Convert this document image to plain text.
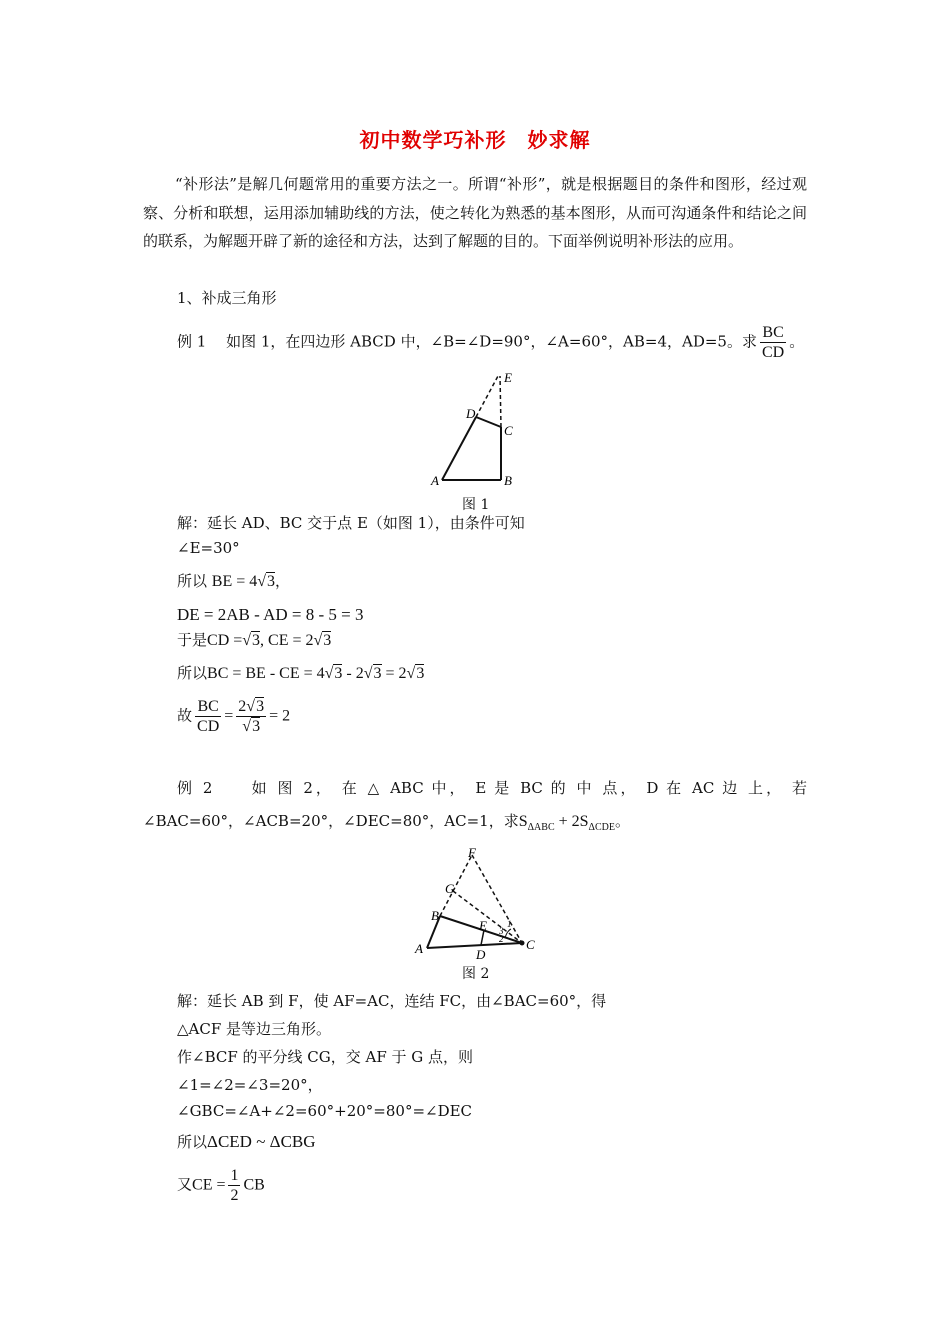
初中数学巧补形　妙求解
“补形法”是解几何题常用的重要方法之一。所谓“补形”，就是根据题目的条件和图形，经过观察、分析和联想，运用添加辅助线的方法，使之转化为熟悉的基本图形，从而可沟通条件和结论之间的联系，为解题开辟了新的途径和方法，达到了解题的目的。下面举例说明补形法的应用。
1、补成三角形
例 1　 如图 1，在四边形 ABCD 中，∠B=∠D=90°，∠A=60°，AB=4，AD=5。求 $\frac{BC}{CD}$ 。
E
D
C
A	B
图 1
解：延长 AD、BC 交于点 E（如图 1），由条件可知
∠E=30°
所以 BE = 4√3，
DE = 2AB - AD = 8 - 5 = 3
于是CD =√3, CE = 2√3
所以BC = BE - CE = 4√3 - 2√3 = 2√3
故 $\frac{BC}{CD} = \frac{2√3}{√3} = 2$
例 2　　如 图 2， 在 △ ABC 中， E 是 BC 的 中 点， D 在 AC 边 上， 若
∠BAC=60°，∠ACB=20°，∠DEC=80°，AC=1，求$S_{\Delta ABC} + 2S_{\Delta CDE}$。
F
G
B
E
A	D
C
1
2
3
图 2
解：延长 AB 到 F，使 AF=AC，连结 FC，由∠BAC=60°，得
△ACF 是等边三角形。
作∠BCF 的平分线 CG，交 AF 于 G 点，则
∠1=∠2=∠3=20°，
∠GBC=∠A+∠2=60°+20°=80°=∠DEC
所以ΔCED ~ ΔCBG
又CE = $\frac{1}{2}$ CB
